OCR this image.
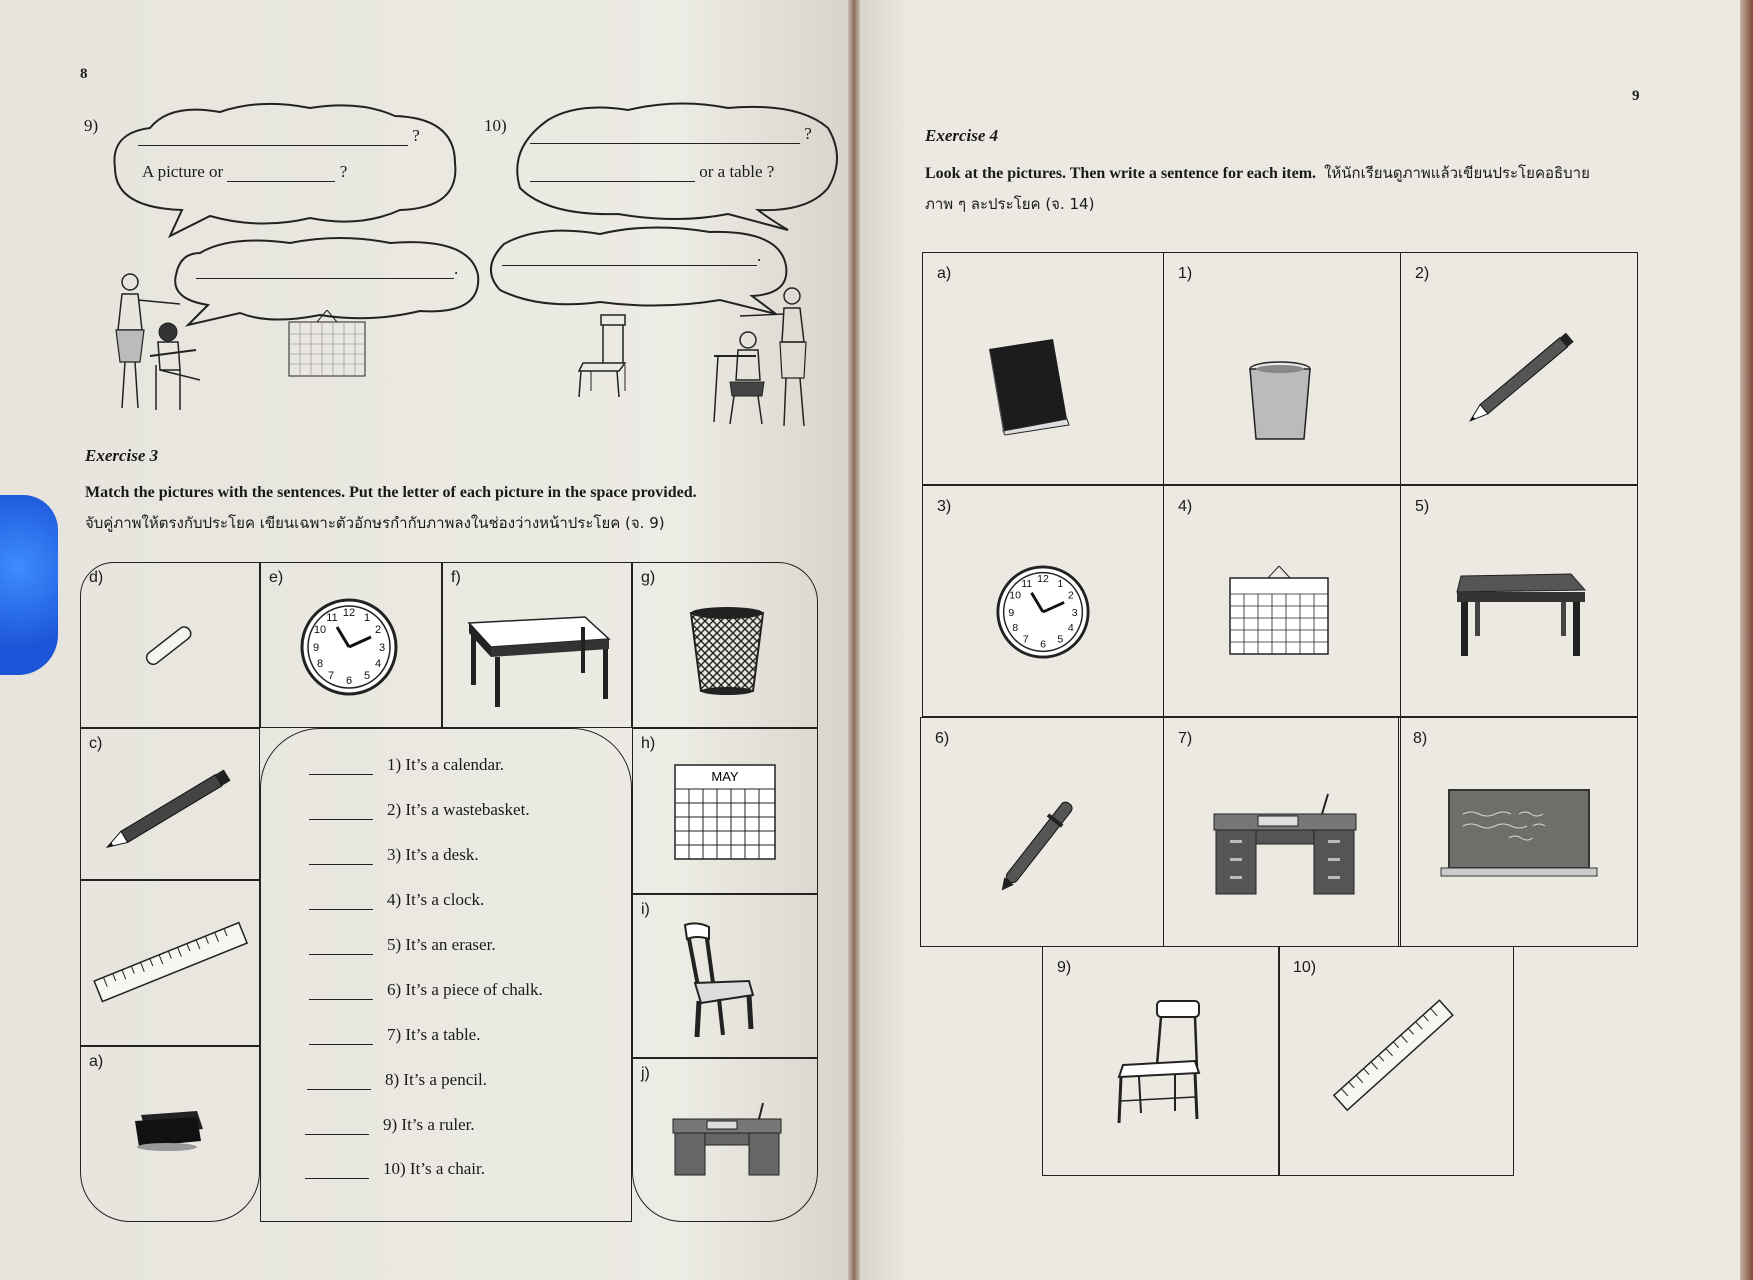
8
9)
?
A picture or	?
.
10)	?
or a table ?
.
Exercise 3
Match the pictures with the sentences. Put the letter of each picture in the space provided.
จับคู่ภาพให้ตรงกับประโยค เขียนเฉพาะตัวอักษรกำกับภาพลงในช่องว่างหน้าประโยค (จ. 9)
d)	e)
12 1
2
3
4
5
6
7
8
9
10
11
f)	g)
c)
a)
1) It’s a calendar.
2) It’s a wastebasket.
3) It’s a desk.
4) It’s a clock.
5) It’s an eraser.
6) It’s a piece of chalk.
7) It’s a table.
8) It’s a pencil.
9) It’s a ruler.
10) It’s a chair.
h)
MAY
i)
j)
9
Exercise 4
Look at the pictures. Then write a sentence for each item. ให้นักเรียนดูภาพแล้วเขียนประโยคอธิบาย
ภาพ ๆ ละประโยค (จ. 14)
a)	1)	2)
3)
12 1
2
3
4
5
6
7
8
9
10
11
4)	5)
6)	7)	8)
9)	10)
